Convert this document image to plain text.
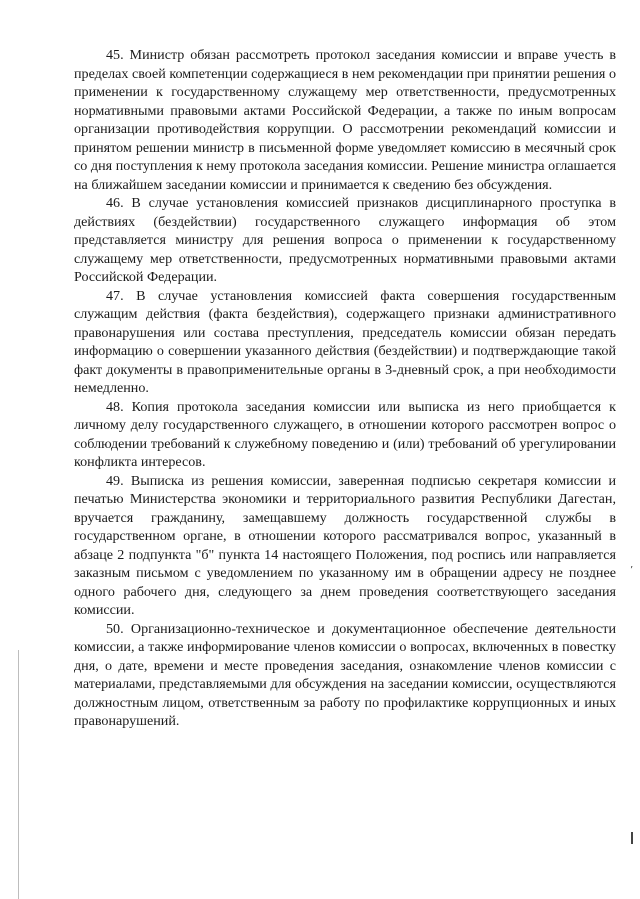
45. Министр обязан рассмотреть протокол заседания комиссии и вправе учесть в пределах своей компетенции содержащиеся в нем рекомендации при принятии решения о применении к государственному служащему мер ответственности, предусмотренных нормативными правовыми актами Российской Федерации, а также по иным вопросам организации противодействия коррупции. О рассмотрении рекомендаций комиссии и принятом решении министр в письменной форме уведомляет комиссию в месячный срок со дня поступления к нему протокола заседания комиссии. Решение министра оглашается на ближайшем заседании комиссии и принимается к сведению без обсуждения.

46. В случае установления комиссией признаков дисциплинарного проступка в действиях (бездействии) государственного служащего информация об этом представляется министру для решения вопроса о применении к государственному служащему мер ответственности, предусмотренных нормативными правовыми актами Российской Федерации.

47. В случае установления комиссией факта совершения государственным служащим действия (факта бездействия), содержащего признаки административного правонарушения или состава преступления, председатель комиссии обязан передать информацию о совершении указанного действия (бездействии) и подтверждающие такой факт документы в правоприменительные органы в 3-дневный срок, а при необходимости немедленно.

48. Копия протокола заседания комиссии или выписка из него приобщается к личному делу государственного служащего, в отношении которого рассмотрен вопрос о соблюдении требований к служебному поведению и (или) требований об урегулировании конфликта интересов.

49. Выписка из решения комиссии, заверенная подписью секретаря комиссии и печатью Министерства экономики и территориального развития Республики Дагестан, вручается гражданину, замещавшему должность государственной службы в государственном органе, в отношении которого рассматривался вопрос, указанный в абзаце 2 подпункта "б" пункта 14 настоящего Положения, под роспись или направляется заказным письмом с уведомлением по указанному им в обращении адресу не позднее одного рабочего дня, следующего за днем проведения соответствующего заседания комиссии.

50. Организационно-техническое и документационное обеспечение деятельности комиссии, а также информирование членов комиссии о вопросах, включенных в повестку дня, о дате, времени и месте проведения заседания, ознакомление членов комиссии с материалами, представляемыми для обсуждения на заседании комиссии, осуществляются должностным лицом, ответственным за работу по профилактике коррупционных и иных правонарушений.

’
